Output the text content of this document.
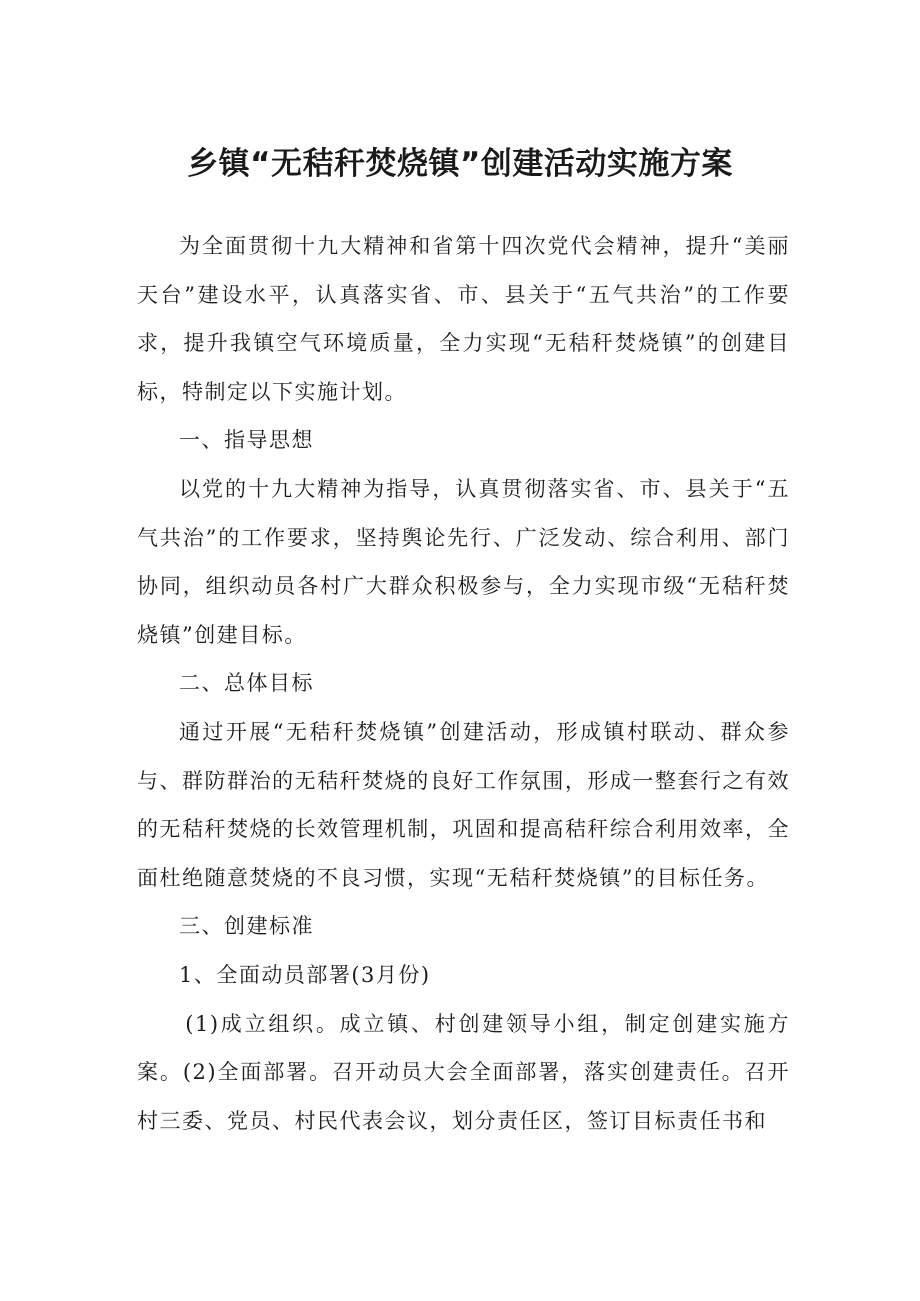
乡镇“无秸秆焚烧镇”创建活动实施方案

为全面贯彻十九大精神和省第十四次党代会精神，提升“美丽天台”建设水平，认真落实省、市、县关于“五气共治”的工作要求，提升我镇空气环境质量，全力实现“无秸秆焚烧镇”的创建目标，特制定以下实施计划。

一、指导思想

以党的十九大精神为指导，认真贯彻落实省、市、县关于“五气共治”的工作要求，坚持舆论先行、广泛发动、综合利用、部门协同，组织动员各村广大群众积极参与，全力实现市级“无秸秆焚烧镇”创建目标。

二、总体目标

通过开展“无秸秆焚烧镇”创建活动，形成镇村联动、群众参与、群防群治的无秸秆焚烧的良好工作氛围，形成一整套行之有效的无秸秆焚烧的长效管理机制，巩固和提高秸秆综合利用效率，全面杜绝随意焚烧的不良习惯，实现“无秸秆焚烧镇”的目标任务。

三、创建标准

1、全面动员部署(3月份)

(1)成立组织。成立镇、村创建领导小组，制定创建实施方案。(2)全面部署。召开动员大会全面部署，落实创建责任。召开村三委、党员、村民代表会议，划分责任区，签订目标责任书和
